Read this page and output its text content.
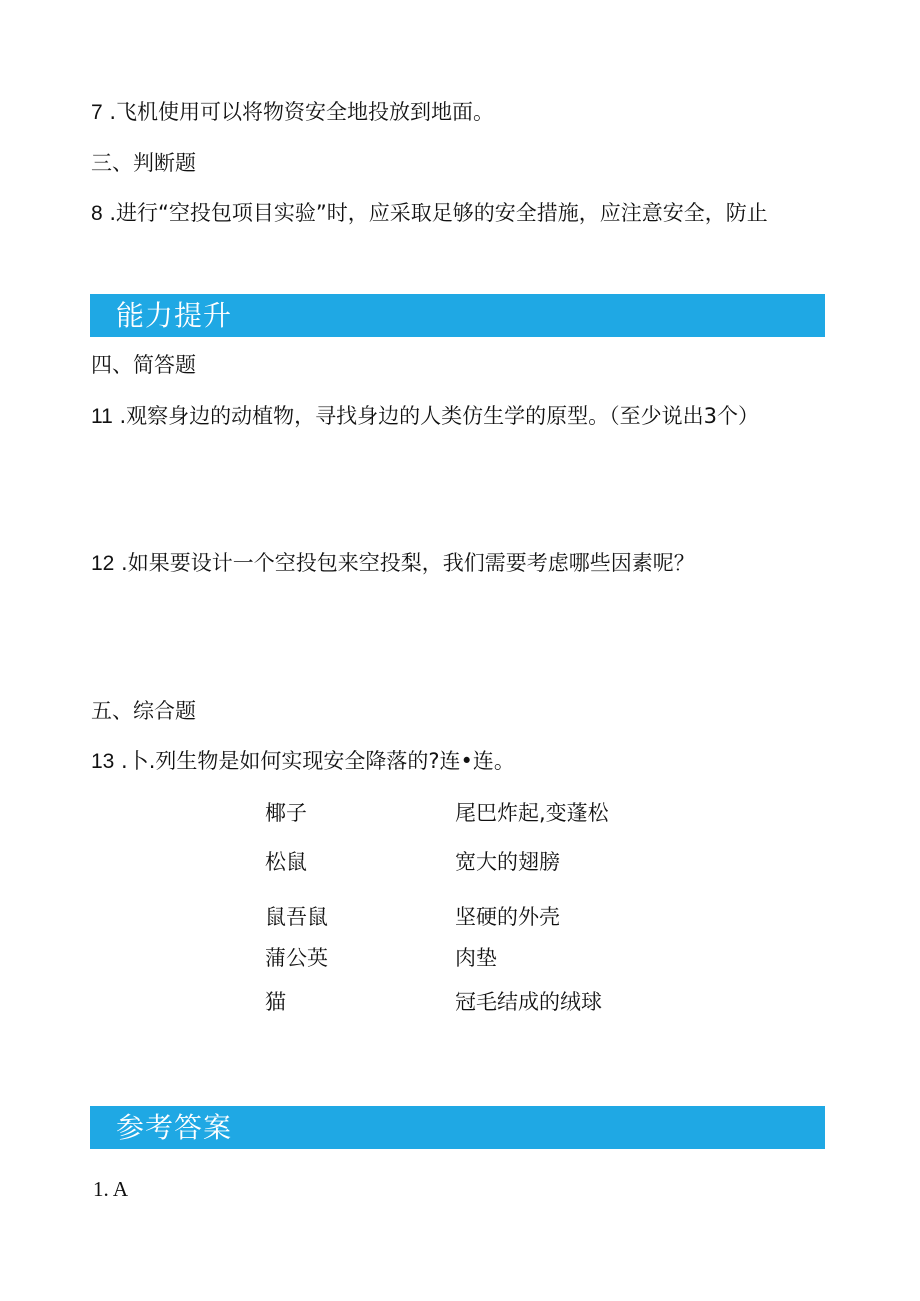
7 .飞机使用可以将物资安全地投放到地面。
三、判断题
8 .进行“空投包项目实验”时，应采取足够的安全措施，应注意安全，防止
能力提升
四、简答题
11 .观察身边的动植物，寻找身边的人类仿生学的原型。（至少说出3个）
12 .如果要设计一个空投包来空投梨，我们需要考虑哪些因素呢？
五、综合题
13 .卜.列生物是如何实现安全降落的?连•连。
椰子	尾巴炸起,变蓬松
松鼠	宽大的翅膀
鼠吾鼠	坚硬的外壳
蒲公英	肉垫
猫	冠毛结成的绒球
参考答案
1. A
